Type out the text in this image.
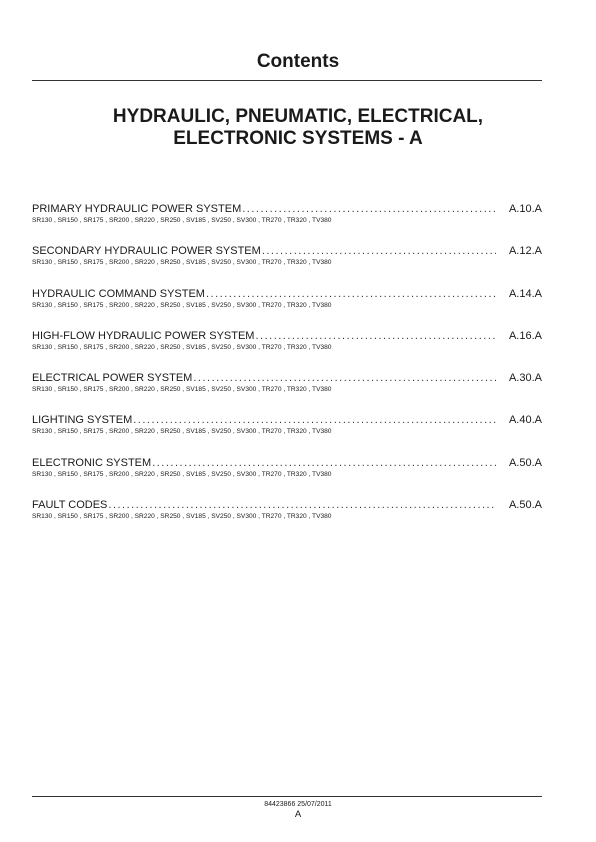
Contents
HYDRAULIC, PNEUMATIC, ELECTRICAL,
ELECTRONIC SYSTEMS - A
PRIMARY HYDRAULIC POWER SYSTEM .....	A.10.A
SR130 , SR150 , SR175 , SR200 , SR220 , SR250 , SV185 , SV250 , SV300 , TR270 , TR320 , TV380
SECONDARY HYDRAULIC POWER SYSTEM .....	A.12.A
SR130 , SR150 , SR175 , SR200 , SR220 , SR250 , SV185 , SV250 , SV300 , TR270 , TR320 , TV380
HYDRAULIC COMMAND SYSTEM .....	A.14.A
SR130 , SR150 , SR175 , SR200 , SR220 , SR250 , SV185 , SV250 , SV300 , TR270 , TR320 , TV380
HIGH-FLOW HYDRAULIC POWER SYSTEM .....	A.16.A
SR130 , SR150 , SR175 , SR200 , SR220 , SR250 , SV185 , SV250 , SV300 , TR270 , TR320 , TV380
ELECTRICAL POWER SYSTEM .....	A.30.A
SR130 , SR150 , SR175 , SR200 , SR220 , SR250 , SV185 , SV250 , SV300 , TR270 , TR320 , TV380
LIGHTING SYSTEM .....	A.40.A
SR130 , SR150 , SR175 , SR200 , SR220 , SR250 , SV185 , SV250 , SV300 , TR270 , TR320 , TV380
ELECTRONIC SYSTEM .....	A.50.A
SR130 , SR150 , SR175 , SR200 , SR220 , SR250 , SV185 , SV250 , SV300 , TR270 , TR320 , TV380
FAULT CODES .....	A.50.A
SR130 , SR150 , SR175 , SR200 , SR220 , SR250 , SV185 , SV250 , SV300 , TR270 , TR320 , TV380
84423866 25/07/2011
A
